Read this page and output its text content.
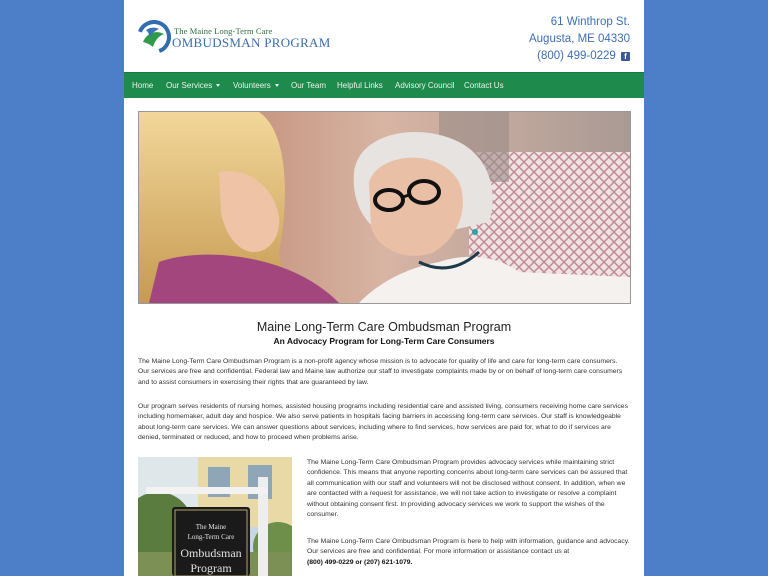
The Maine Long-Term Care
OMBUDSMAN PROGRAM
61 Winthrop St.
Augusta, ME 04330
(800) 499-0229 f
Home Our Services	Volunteers	Our Team Helpful Links Advisory Council Contact Us
Maine Long-Term Care Ombudsman Program
An Advocacy Program for Long-Term Care Consumers
The Maine Long-Term Care Ombudsman Program is a non-profit agency whose mission is to advocate for quality of life and care for long-term care consumers. Our services are free and confidential. Federal law and Maine law authorize our staff to investigate complaints made by or on behalf of long-term care consumers and to assist consumers in exercising their rights that are guaranteed by law.
Our program serves residents of nursing homes, assisted housing programs including residential care and assisted living, consumers receiving home care services including homemaker, adult day and hospice. We also serve patients in hospitals facing barriers in accessing long-term care services. Our staff is knowledgeable about long-term care services. We can answer questions about services, including where to find services, how services are paid for, what to do if services are denied, terminated or reduced, and how to proceed when problems arise.
The Maine
Long-Term Care
Ombudsman
Program
The Maine Long-Term Care Ombudsman Program provides advocacy services while maintaining strict confidence. This means that anyone reporting concerns about long-term care services can be assured that all communication with our staff and volunteers will not be disclosed without consent. In addition, when we are contacted with a request for assistance, we will not take action to investigate or resolve a complaint without obtaining consent first. In providing advocacy services we work to support the wishes of the consumer.
The Maine Long-Term Care Ombudsman Program is here to help with information, guidance and advocacy. Our services are free and confidential. For more information or assistance contact us at
(800) 499-0229 or (207) 621-1079.
